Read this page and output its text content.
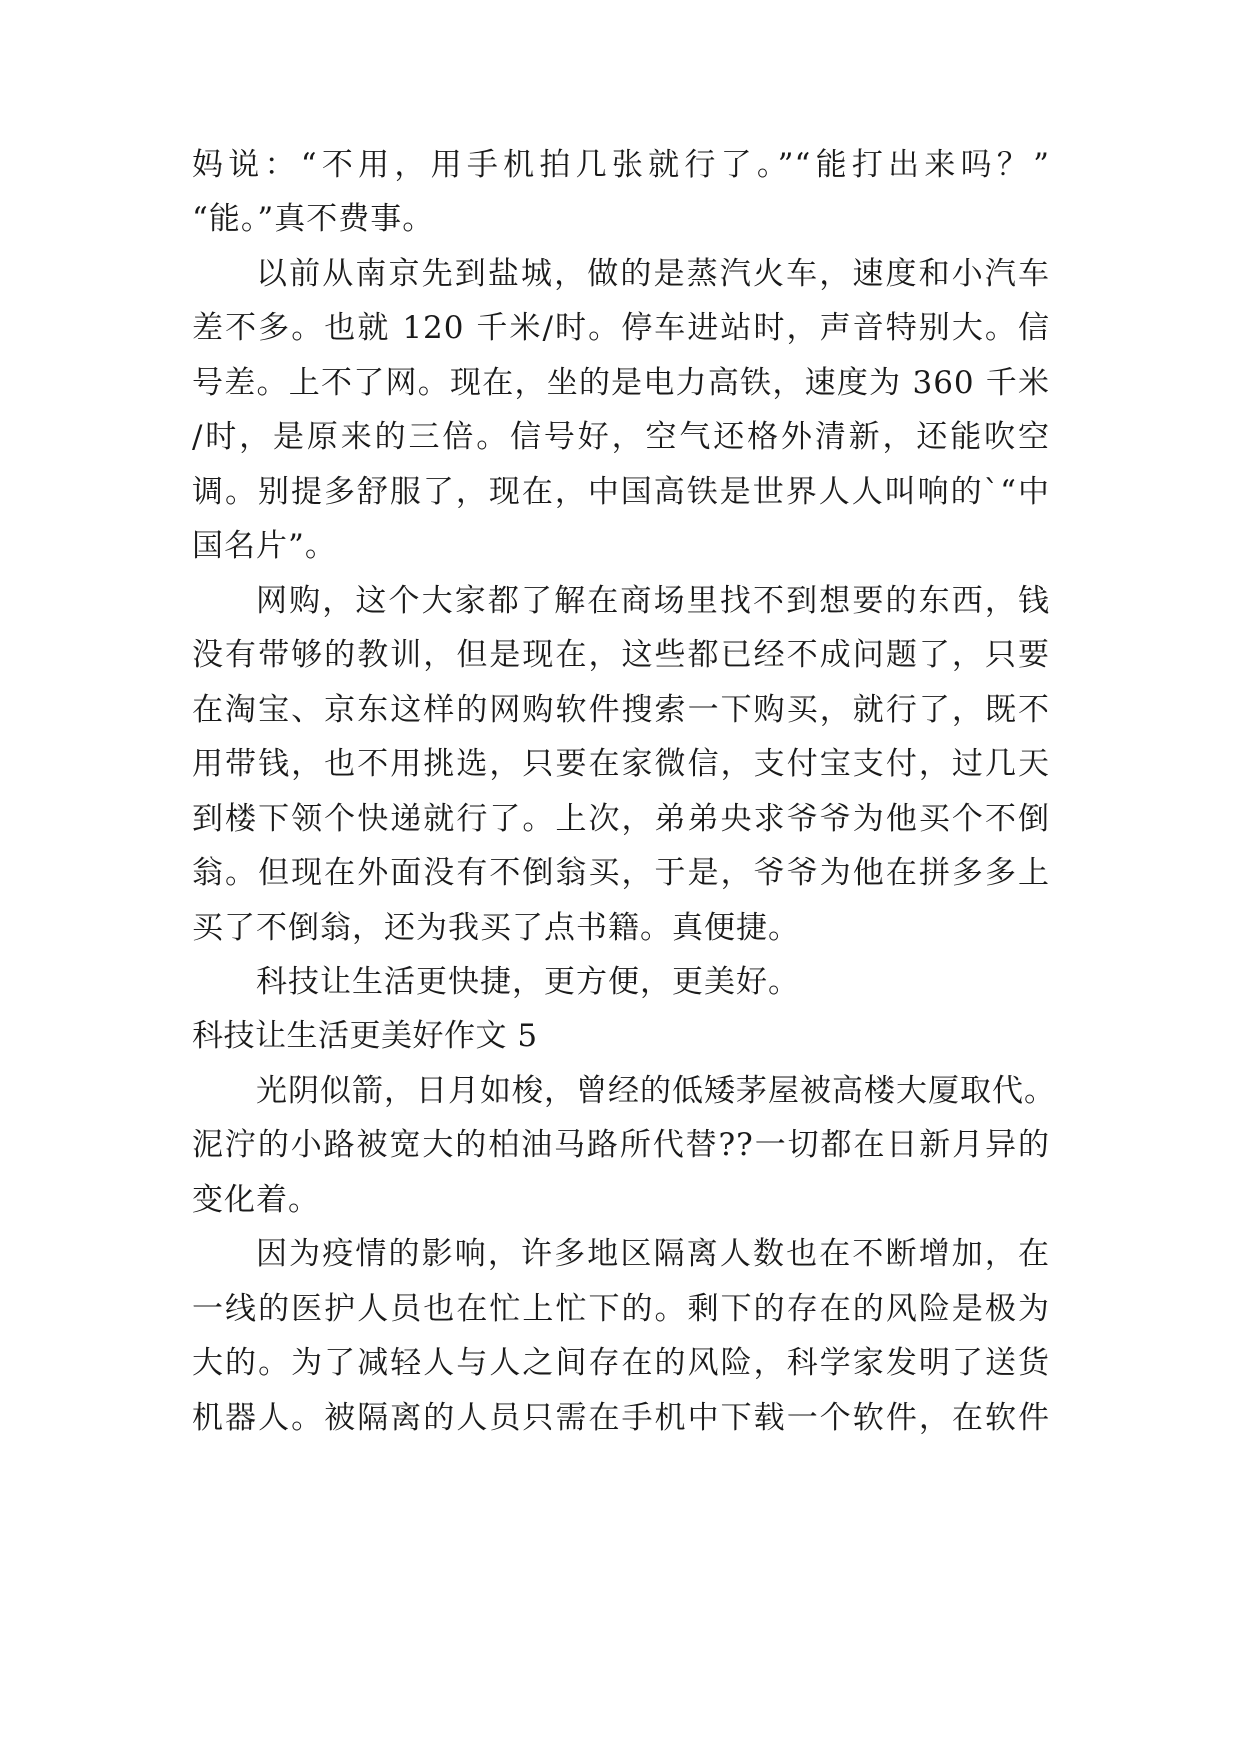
妈说：“不用，用手机拍几张就行了。”“能打出来吗？”
“能。”真不费事。
以前从南京先到盐城，做的是蒸汽火车，速度和小汽车
差不多。也就 120 千米/时。停车进站时，声音特别大。信
号差。上不了网。现在，坐的是电力高铁，速度为 360 千米
/时，是原来的三倍。信号好，空气还格外清新，还能吹空
调。别提多舒服了，现在，中国高铁是世界人人叫响的`“中
国名片”。
网购，这个大家都了解在商场里找不到想要的东西，钱
没有带够的教训，但是现在，这些都已经不成问题了，只要
在淘宝、京东这样的网购软件搜索一下购买，就行了，既不
用带钱，也不用挑选，只要在家微信，支付宝支付，过几天
到楼下领个快递就行了。上次，弟弟央求爷爷为他买个不倒
翁。但现在外面没有不倒翁买，于是，爷爷为他在拼多多上
买了不倒翁，还为我买了点书籍。真便捷。
科技让生活更快捷，更方便，更美好。
科技让生活更美好作文 5
光阴似箭，日月如梭，曾经的低矮茅屋被高楼大厦取代。
泥泞的小路被宽大的柏油马路所代替??一切都在日新月异的
变化着。
因为疫情的影响，许多地区隔离人数也在不断增加，在
一线的医护人员也在忙上忙下的。剩下的存在的风险是极为
大的。为了减轻人与人之间存在的风险，科学家发明了送货
机器人。被隔离的人员只需在手机中下载一个软件，在软件
